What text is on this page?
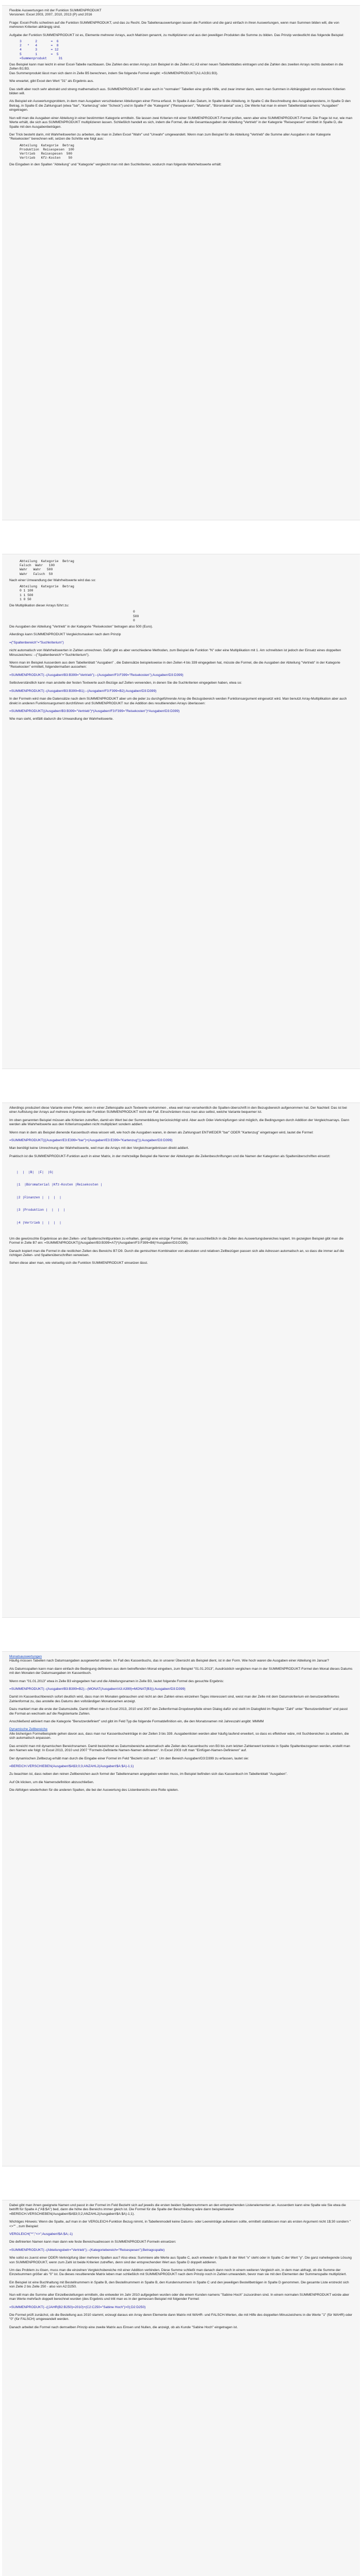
Flexible Auswertungen mit der Funktion SUMMENPRODUKT

Versionen: Excel 2003, 2007, 2010, 2013 (P) und 2016

Frage: Excel-Profis schwören auf die Funktion SUMMENPRODUKT, und das zu Recht. Die Tabellenauswertungen lassen die Funktion und die ganz einfach in ihren Auswertungen, wenn man Summen bilden will, die von mehreren Kriterien abhängig sind.

Aufgabe der Funktion SUMMENPRODUKT ist es, Elemente mehrerer Arrays, auch Matrizen genannt, zu multiplizieren und aus den jeweiligen Produkten die Summe zu bilden. Das Prinzip verdeutlicht das folgende Beispiel:

3       2       =  6

2   *   4       =  8

4       3       = 12

5       1       =  5

=Summenprodukt      31

Das Beispiel kann man leicht in einer Excel-Tabelle nachbauen. Die Zahlen des ersten Arrays zum Beispiel in die Zellen A1:A3 einer neuen Tabellenblattes eintragen und die Zahlen des zweiten Arrays rechts daneben in die Zellen B1:B3.

Das Summenprodukt lässt man sich dann in Zelle B5 berechnen, indem Sie folgende Formel eingibt: =SUMMENPRODUKT(A1:A3;B1:B3).

Wie erwartet, gibt Excel den Wert "31" als Ergebnis aus.

Das stellt aber noch sehr abstrakt und streng mathematisch aus. SUMMENPRODUKT ist aber auch in "normalen" Tabellen eine große Hilfe, und zwar immer dann, wenn man Summen in Abhängigkeit von mehreren Kriterien bilden will.

Als Beispiel ein Auswertungsproblem, in dem man Ausgaben verschiedener Abteilungen einer Firma erfasst. In Spalte A das Datum, in Spalte B die Abteilung, in Spalte C die Beschreibung des Ausgabenpostens, in Spalte D den Betrag, in Spalte E die Zahlungsart (etwa "bar", "Kartenzug" oder "Scheck") und in Spalte F die "Kategorie" ("Reisespesen", "Material", "Büromaterial" usw.). Die Werte hat man in einem Tabellenblatt namens "Ausgaben" eingetragen.

Nun will man die Ausgaben einer Abteilung in einer bestimmten Kategorie ermitteln. Sie lassen zwei Kriterien mit einer SUMMENPRODUKT-Formel prüfen, wenn aber eine SUMMENPRODUKT-Formel. Die Frage ist nur, wie man Werte erhält, die sich aus SUMMENPRODUKT multiplizieren lassen. Schließlich handelt es sich, indem die Formel, die die Gesamtausgaben der Abteilung "Vertrieb" in der Kategorie "Reisespesen" ermittelt in Spalte D, die Spalte mit den Ausgabenbeträgen.

Der Trick besteht darin, mit Wahrheitswerten zu arbeiten, die man in Zellen Excel "Wahr" und "Unwahr" umgewandelt. Wenn man zum Beispiel für die Abteilung "Vertrieb" die Summe aller Ausgaben in der Kategorie "Reisekosten" berechnen will, setzen die Schritte wie folgt aus:

Abteilung  Kategorie  Betrag

Produktion  Reisespesen  100

Vertrieb   Reisespesen  500

Vertrieb   Kfz-Kosten    50

Die Eingaben in den Spalten "Abteilung" und "Kategorie" vergleicht man mit den Suchkriterien, wodurch man folgende Wahrheitswerte erhält:

Abteilung  Kategorie  Betrag

Falsch  Wahr   100

Wahr   Wahr   500

Wahr   Falsch  50

Nach einer Umwandlung der Wahrheitswerte wird das so:

Abteilung  Kategorie  Betrag

0 1 100

1 1 500

1 0 50

Die Multiplikation dieser Arrays führt zu:

0

500

0

Die Ausgaben der Abteilung "Vertrieb" in der Kategorie "Reisekosten" betragen also 500 (Euro).

Allerdings kann SUMMENPRODUKT Vergleichsmasken nach dem Prinzip

=("Spaltenbereich"="Suchkriterium")

nicht automatisch von Wahrheitswerten in Zahlen umrechnen. Dafür gibt es aber verschiedene Methoden, zum Beispiel die Funktion "N" oder eine Multiplikation mit 1. Am schnellsten ist jedoch der Einsatz eines doppelten Minuszeichens: --("Spaltenbereich"="Suchkriterium").

Wenn man im Beispiel Ausserdem aus dem Tabellenblatt "Ausgaben" , die Datensätze beispielsweise in den Zeilen 4 bis 339 eingegeben hat, müsste die Formel, die die Ausgaben der Abteilung "Vertrieb" in der Kategorie "Reisekosten" ermittelt, folgendermaßen aussehen:

=SUMMENPRODUKT(--(Ausgaben!B3:B399="Vertrieb");--(Ausgaben!F3:F399="Reisekosten");Ausgaben!D3:D399)

Selbstverständlich kann man anstelle der festen Textwerte auch Bezüge auf Zellen verwenden, in denen Sie die Suchkriterien eingegeben haben, etwa so:

=SUMMENPRODUKT(--(Ausgaben!B3:B399=B1);--(Ausgaben!F3:F399=B2);Ausgaben!D3:D399)

In der Formeln wird man die Datensätze nach dem SUMMENPRODUKT aber um die jeder zu durchgeführende Array die Bezugsbereich werden Funktionsargument eingesetzt wird. Man benutzt Array-Multiplikation aber auch direkt in anderen Funktionsargument durchführen und SUMMENPRODUKT nur die Addition des resultierenden Arrays überlassen:

=SUMMENPRODUKT((Ausgaben!B3:B399="Vertrieb")*(Ausgaben!F3:F399="Reisekosten")*Ausgaben!D3:D399)

Wie man sieht, entfällt dadurch die Umwandlung der Wahrheitswerte.

Allerdings produziert diese Variante einen Fehler, wenn in einer Zellenspalte auch Textwerte vorkommen , etwa weil man versehentlich die Spalten-überschrift in den Bezugsbereich aufgenommen hat. Der Nachteil: Das ist bei einer Auflistung der Arrays auf mehrere Argumente der Funktion SUMMENPRODUKT nicht der Fall. Einschränken muss man also selbst, welche Variante bequemer ist.

Im oben genannten Beispiel müssen alle Kriterien zutreffen, damit ein Wert bei der Summenbildung berücksichtigt wird. Aber auch Oder-Verknüpfungen sind möglich, die Bedingungen durch Addition der Vergleichsarrays. Dann werden alle Wahrheitswerte aus den Kriteriumsspalten nicht multipliziert sondern addiert.

Wenn man in dem als Beispiel dienende Kassenbuch etwa wissen will, wie hoch die Ausgaben waren, in denen als Zahlungsart ENTWEDER "bar" ODER "Kartenzug" eingetragen wird, lautet die Formel:

=SUMMENPRODUKT(((Ausgaben!E3:E399="bar")+(Ausgaben!E3:E399="Kartenzug"));Ausgaben!D3:D399)

Man benötigt keine Umrechnung der Wahrheitswerte, weil man die Arrays mit den Vergleichsergebnissen direkt addiert.

Praktisch ist die SUMMENPRODUKT-Funktion auch in einer Matrix, in der mehrzeilige Beispiel die Nenner der Abteilungen die Zeilenbeschriftungen und die Namen der Kategorien als Spaltenüberschriften einsetzt:

|  |  |B|  |F|  |G|

|1  |Büromaterial |Kfz-Kosten |Reisekosten |

|2 |Finanzen |  |  |  |

|3 |Produktion |  |  |  |

|4 |Vertrieb |  |  |  |

Um die gewünschte Ergebnisse an den Zellen- und Spaltenschnittpunkten zu erhalten, genügt eine einzige Formel, die man ausschließlich in die Zellen des Auswertungsbereiches kopiert. Im gezeigten Beispiel gibt man die Formel in Zelle B7 ein: =SUMMENPRODUKT((Ausgaben!B3:B399=A7)*(Ausgaben!F3:F399=B6)*Ausgaben!D3:D399).

Danach kopiert man die Formel in die restlichen Zellen des Bereichs B7:D9. Durch die gemischten Kombination von absoluten und relativen Zellbezügen passen sich alle Adressen automatisch an, so dass die immer auf die richtigen Zeilen- und Spaltenüberschriften verweisen.

Sehen diese aber man, wie vielseitig sich die Funktion SUMMENPRODUKT einsetzen lässt.

Monatsauswertungen

Häufig müssen Tabellen nach Datumsangaben ausgewertet werden. Im Fall des Kassenbuchs, das in unserer Übersicht als Beispiel dient, ist in der Form. Wie hoch waren die Ausgaben einer Abteilung im Januar?

Als Datumsspalten kann man dann einfach die Bedingung definieren aus dem betreffenden Monat eingeben, zum Beispiel "01.01.2013", Ausdrücklich verglichen man in der SUMMENPRODUKT-Formel den Monat dieses Datums mit den Monaten der Datumsangaben im Kassenbuch.

Wenn man "01.01.2013" etwa in Zelle B3 eingegeben hat und die Abteilungsnamen in Zelle B3, lautet folgende Formel des gesuchte Ergebnis:

=SUMMENPRODUKT(--(Ausgaben!B3:B399=B2);--(MONAT(Ausgaben!A3:A399)=MONAT(B3));Ausgaben!D3:D399)

Damit im Kassenbuchbereich sofort deutlich wird, dass man im Monaten gebrauchen und nicht an den Zahlen eines einzelnen Tages interessiert sind, weist man der Zelle mit dem Datumskriterium ein benutzerdefiniertes Zahlenformat zu, das anstelle des Datums den vollständigen Monatsnamen anzeigt.

Dazu markiert man die erste der Datumszelle, Damit öffnet man in Excel 2013, 2010 und 2007 den Zellenformat-Dropdownpfeile einen Dialog dafür und stellt im Dialogfeld im Register "Zahl" unter "Benutzerdefiniert" und passt die Format-an wechseln auf die Registerkarte Zahlen.

Anschließend aktiviert man die Kategorie "Benutzerdefiniert" und gibt im Feld Typ die folgende Formatdefinition ein, die den Monatsnamen mit Jahreszahl angibt: MMMM

Dynamische Zellbereiche

Alle bisherigen Formelbeispiele gehen davon aus, dass man nur Kassenbucheinträge in der Zeilen 3 bis 339. Ausgabenlisten werden aber häufig laufend erweitert, so dass es effektiver wäre, mit Suchbereichen zu arbeiten, die sich automatisch anpassen.

Das erreicht man mit dynamischen Bereichsnamen. Damit bezeichnet es Datumsbereiche automatisch alle Zeilen des Kassenbuchs von B3 bis zum letzten Zahlenwert konkrete in Spalte Spaltenbezogenen werden, erstellt man den Namen wie folgt: In Excel 2013, 2010 und 2007 "Formeln-Definierte Namen-Namen definieren". In Excel 2003 ruft man "Einfügen-Namen-Definieren" auf.

Der dynamischen Zellbezug erhält man durch die Eingabe einer Formel im Feld "Bezieht sich auf:". Um den Bereich Ausgaben!D3:D399 zu erfassen, lautet sie:

=BEREICH.VERSCHIEBEN(Ausgaben!$A$3;0;3;ANZAHL2(Ausgaben!$A:$A)-1;1)

Zu beachten ist, dass neben den reinen Zellbereichen auch formel der Tabellennamen angegeben werden muss, im Beispiel befinden sich das Kassenbuch im Tabellenblatt "Ausgaben".

Auf Ok klicken, um die Namensdefinition abzuschließen.

Die Abfolgen wiederholen für die anderen Spalten, die bei der Auswertung des Listenbereichs eine Rolle spielen.

Dabei gibt man ihnen geeignete Namen und passt in der Formel im Feld Bezieht sich auf jeweils die ersten beiden Spaltennummern an den entsprechenden Listenelementen an. Ausserdem kann eine Spalte wie Sie etwa die betrifft für Spalte A ("A$:$A") bed, dann die höhe des Bereichs immer gleich ist. Die Formel für die Spalte der Beschreibung wäre dann beispielsweise =BEREICH.VERSCHIEBEN(Ausgaben!$A$3;0;2;ANZAHL2(Ausgaben!$A:$A)-1;1).

Wichtiges Hinweis: Wenn die Spalte, auf man in der VERGLEICH-Funktion Bezug nimmt, in Tabellenmodell keine Datums- oder Leereinträge aufweisen sollte, ermittelt stattdessen man als ersten Argument nicht 1$:30 sondern "<>"" , zum Beispiel:

VERGLEICH("*";"<>";Ausgaben!$A:$A;-1)

Die definierten Namen kann man dann wie feste Bereichsadressen in SUMMENPRODUKT-Formeln einsetzen:

=SUMMENPRODUKT(--(Abteilungsbetr="Vertrieb");--(Kategoriebereich="Reisespesen");Betragsspalte)

Wie sollst es zuerst einer ODER-Verknüpfung über mehrere Spalten aus? Also etwa: Summiere alle Werte aus Spalte C, auch entweder in Spalte B der Wert "x" steht oder in Spalte C der Wert "y". Die ganz naheliegende Lösung von SUMMENPRODUKT, wenn zum Zahl ist beide Kriterien zutreffen, denn sind der entsprechenden Wert aus Spalte D doppelt addieren.

Um das Problem zu lösen, muss man die einzelnen Vergleichsbereiche mit einer Addition verbinden. Diese Summe schließt man danach dann noch in einem weiteren Vergleich ein, in dem man abfragt, ob die Summe der Einzelsummen größer als "0" ist. Da dieses resultierende Matrix leben man schließlich mit SUMMENPRODUKT nach dem Prinzip noch in Zahlen umwandeln, bevor man sie mit den Elementen der Summenspalte multipliziert.

Ein Beispiel ist eine Buchhaltung mit Bestellnummern in Spalte B, den Bestellnummern in Spalte B, den Kundennummern in Spalte C und den jeweiligen Bestellbeträgen in Spalte D genommen. Die gesamte Liste erstreckt sich von Zeile 2 bis Zelle 250 - also von A2:D250.

Nun will man die Summe aller Einzelbestellungen ermitteln, die entweder im Jahr 2010 aufgegeben wurden oder die einem Kunden namens "Sabine Hoch" zuzuordnen sind. In einem normalen SUMMENPRODUKT würde aber man Werte mehrfach doppelt berechnet wurden (des Ergebnis und tritt man es in der gemessen Beispiel mit folgender Formel:

=SUMMENPRODUKT(--((JAHR(B2:B250)=2010)+(C2:C250="Sabine Hoch")>0);D2:D250)

Die Formel prüft zunächst, ob die Bestellung aus 2010 stammt, erzeugt daraus ein Array deren Elemente dann Matrix mit WAHR- und FALSCH-Werten, die mit Hilfe des doppelten Minuszeichens in die Werte "1" (für WAHR) oder "0" (für FALSCH) umgewandelt werden.

Danach arbeitet die Formel nach demselben Prinzip eine zweite Matrix aus Einsen und Nullen, die anzeigt, ob als Kunde "Sabine Hoch" eingetragen ist.
